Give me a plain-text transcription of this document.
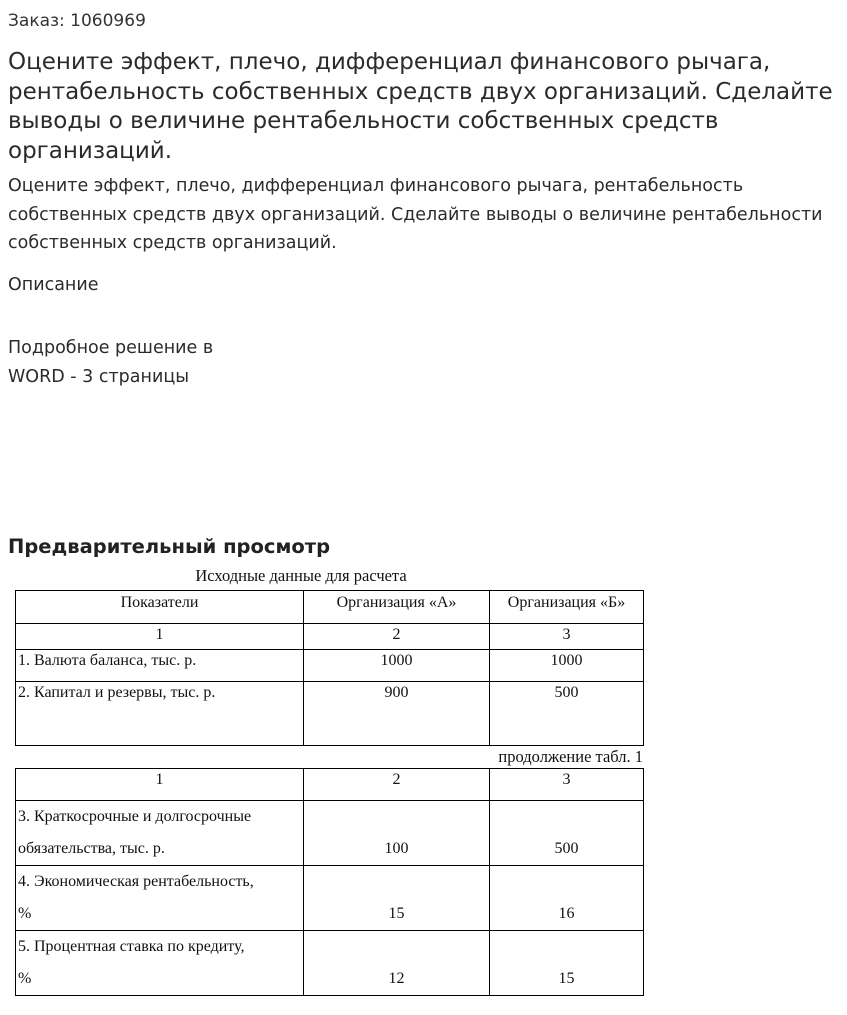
Заказ: 1060969
Оцените эффект, плечо, дифференциал финансового рычага, рентабельность собственных средств двух организаций. Сделайте выводы о величине рентабельности собственных средств организаций.
Оцените эффект, плечо, дифференциал финансового рычага, рентабельность собственных средств двух организаций. Сделайте выводы о величине рентабельности собственных средств организаций.
Описание
Подробное решение в
WORD - 3 страницы
Предварительный просмотр
Исходные данные для расчета
Показатели	Организация «А»	Организация «Б»
1	2	3
1. Валюта баланса, тыс. р.	1000	1000
2. Капитал и резервы, тыс. р.	900	500
продолжение табл. 1
1	2	3

3. Краткосрочные и долгосрочные
обязательства, тыс. р.	100	500

4. Экономическая рентабельность,
%	15	16

5. Процентная ставка по кредиту,
%	12	15
